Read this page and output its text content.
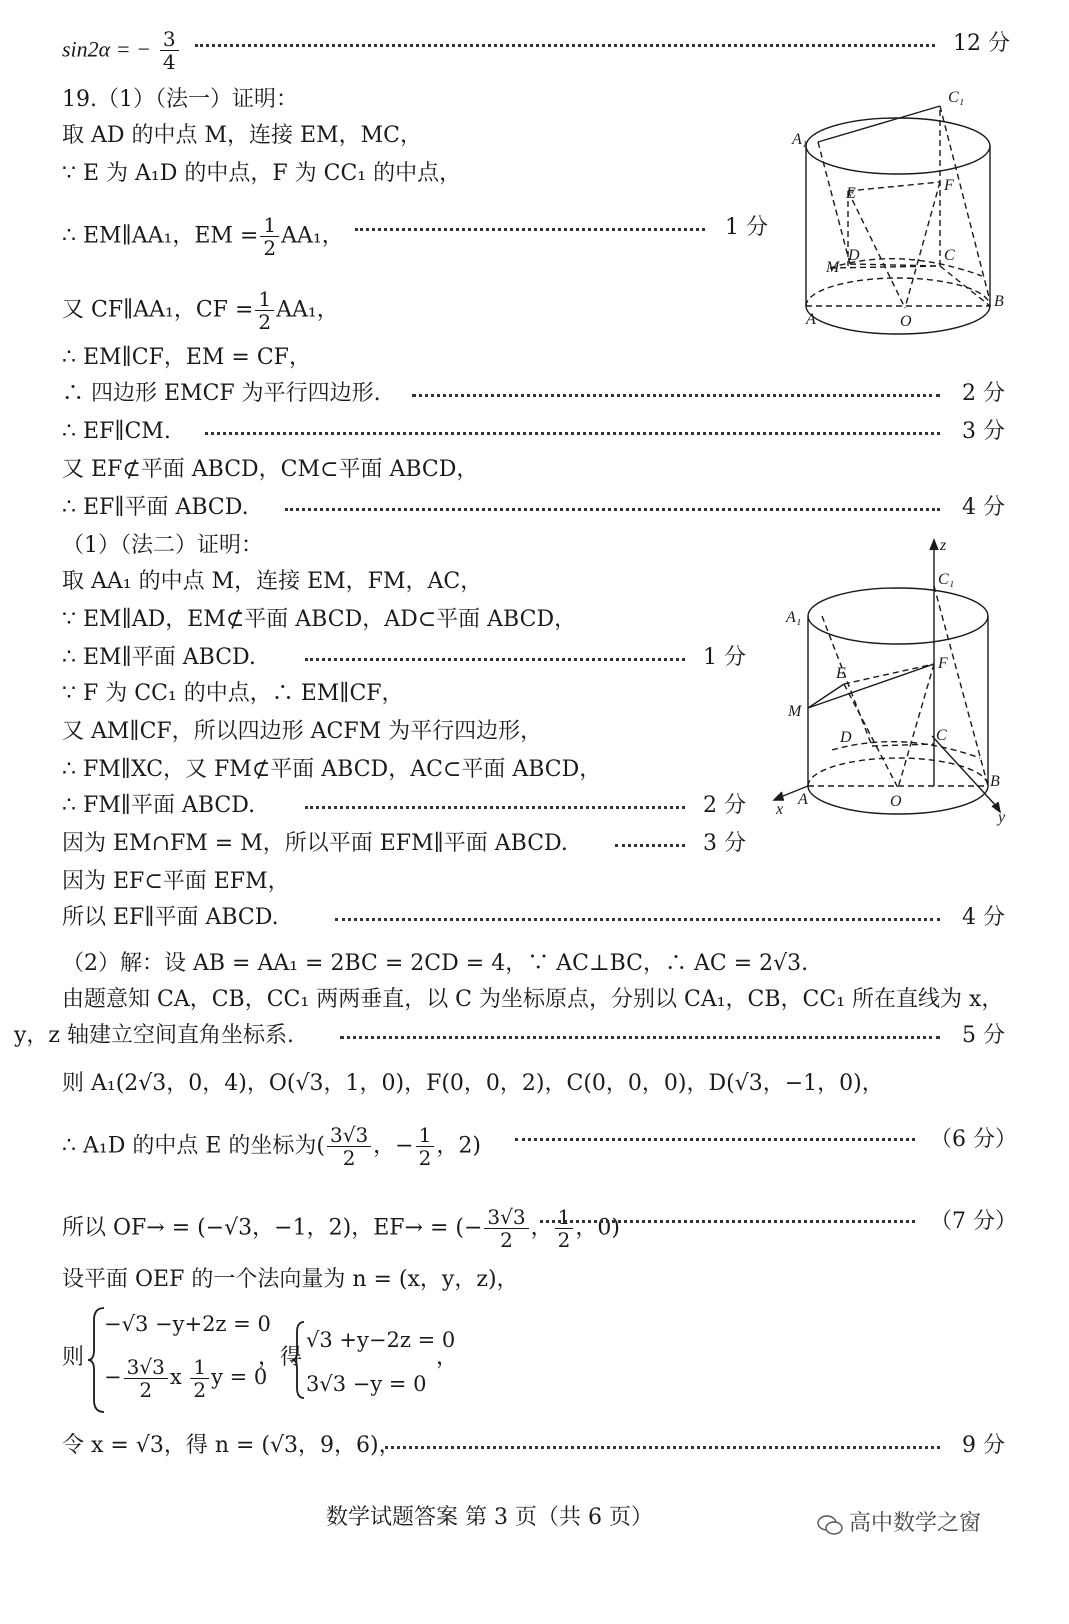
sin2α = − $\frac{3}{4}$	12 分
19.（1）（法一）证明：
取 AD 的中点 M，连接 EM，MC，
∵ E 为 A₁D 的中点，F 为 CC₁ 的中点，
∴ EM∥AA₁，EM = $\frac{1}{2} AA_1$，	1 分
又 CF∥AA₁，CF = $\frac{1}{2} AA_1$，
∴ EM∥CF，EM = CF，
∴ 四边形 EMCF 为平行四边形.	2 分
∴ EF∥CM.	3 分
又 EF⊄平面 ABCD，CM⊂平面 ABCD，
∴ EF∥平面 ABCD.	4 分
（1）（法二）证明：
取 AA₁ 的中点 M，连接 EM，FM，AC，
∵ EM∥AD，EM⊄平面 ABCD，AD⊂平面 ABCD，
∴ EM∥平面 ABCD.	1 分
∵ F 为 CC₁ 的中点，∴ EM∥CF，
又 AM∥CF，所以四边形 ACFM 为平行四边形，
∴ FM∥XC，又 FM⊄平面 ABCD，AC⊂平面 ABCD，
∴ FM∥平面 ABCD.	2 分
因为 EM∩FM = M，所以平面 EFM∥平面 ABCD.	3 分
因为 EF⊂平面 EFM，
所以 EF∥平面 ABCD.	4 分
（2）解：设 AB = AA₁ = 2BC = 2CD = 4，∵ AC⊥BC，∴ AC = 2√3.
由题意知 CA，CB，CC₁ 两两垂直，以 C 为坐标原点，分别以 CA₁，CB，CC₁ 所在直线为 x，
y，z 轴建立空间直角坐标系.	5 分
则 A₁(2√3，0，4)，O(√3，1，0)，F(0，0，2)，C(0，0，0)，D(√3，−1，0)，
∴ A₁D 的中点 E 的坐标为( $\frac{3√3}{2}$ ，− $\frac{1}{2}$ ，2)	（6 分）
所以 OF→ = (−√3，−1，2)，EF→ = (− $\frac{3√3}{2}$ ， $\frac{1}{2}$ ，0)	（7 分）
设平面 OEF 的一个法向量为 n = (x，y，z)，
则
−√3 −y+2z = 0
− $\frac{3√3}{2}$ x $\frac{1}{2}$ y = 0
，得
√3 +y−2z = 0
3√3 −y = 0
，
令 x = √3，得 n = (√3，9，6)，	9 分
C₁
A₁
E	F
M
D	C
A	O
B
z
C₁
A₁
E
F
M
D	C
A	O
B
x	y
数学试题答案 第 3 页（共 6 页）	高中数学之窗
